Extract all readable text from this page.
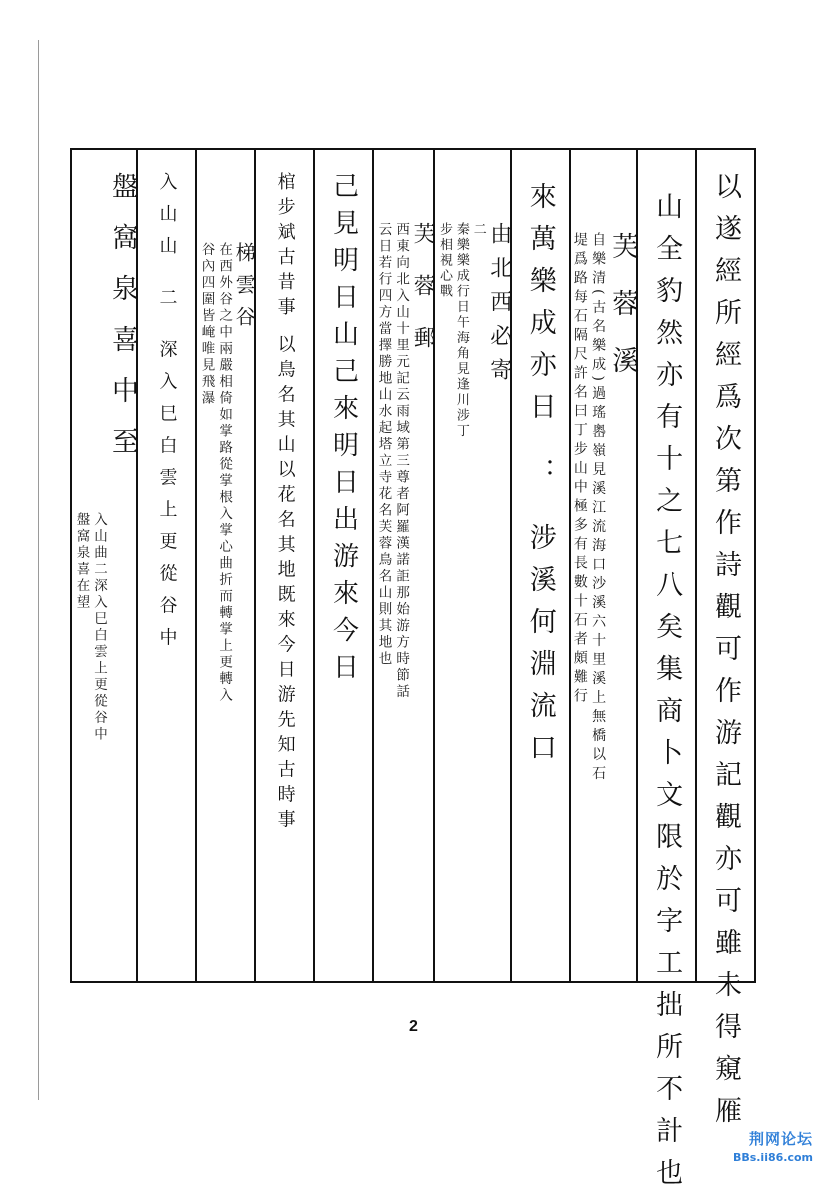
以遂經所經爲次第作詩觀可作游記觀亦可雖未得窺雁
山全豹然亦有十之七八矣集商卜文限於字工拙所不計也
芙蓉溪
自樂清(古名樂成)過瑤嶴嶺見溪江流海口沙溪六十里溪上無橋以石
堤爲路每石隔尺許名曰丁步山中極多有長數十石者頗難行
來萬樂成亦日 ： 涉溪何淵流口
由北西必寄
二
秦樂樂成行日午海角見逢川涉丁
步相視心戰
芙蓉郵
西東向北入山十里元記云雨域第三尊者阿羅漢諾詎那始游方時節話
云日若行四方當擇勝地山水起塔立寺花名芙蓉鳥名山則其地也
己見明日山己來明日出游來今日
棺步斌古昔事 以鳥名其山以花名其地既來今日游先知古時事
梯雲谷
在西外谷之中兩嚴相倚如掌路從掌根入掌心曲折而轉掌上更轉入
谷內四圍皆崦唯見飛瀑
入山山 二 深入巳白雲上更從谷中
盤窩泉喜中至
入山曲二深入巳白雲上更從谷中
盤窩泉喜在望
2
荆网论坛
BBs.ii86.com
